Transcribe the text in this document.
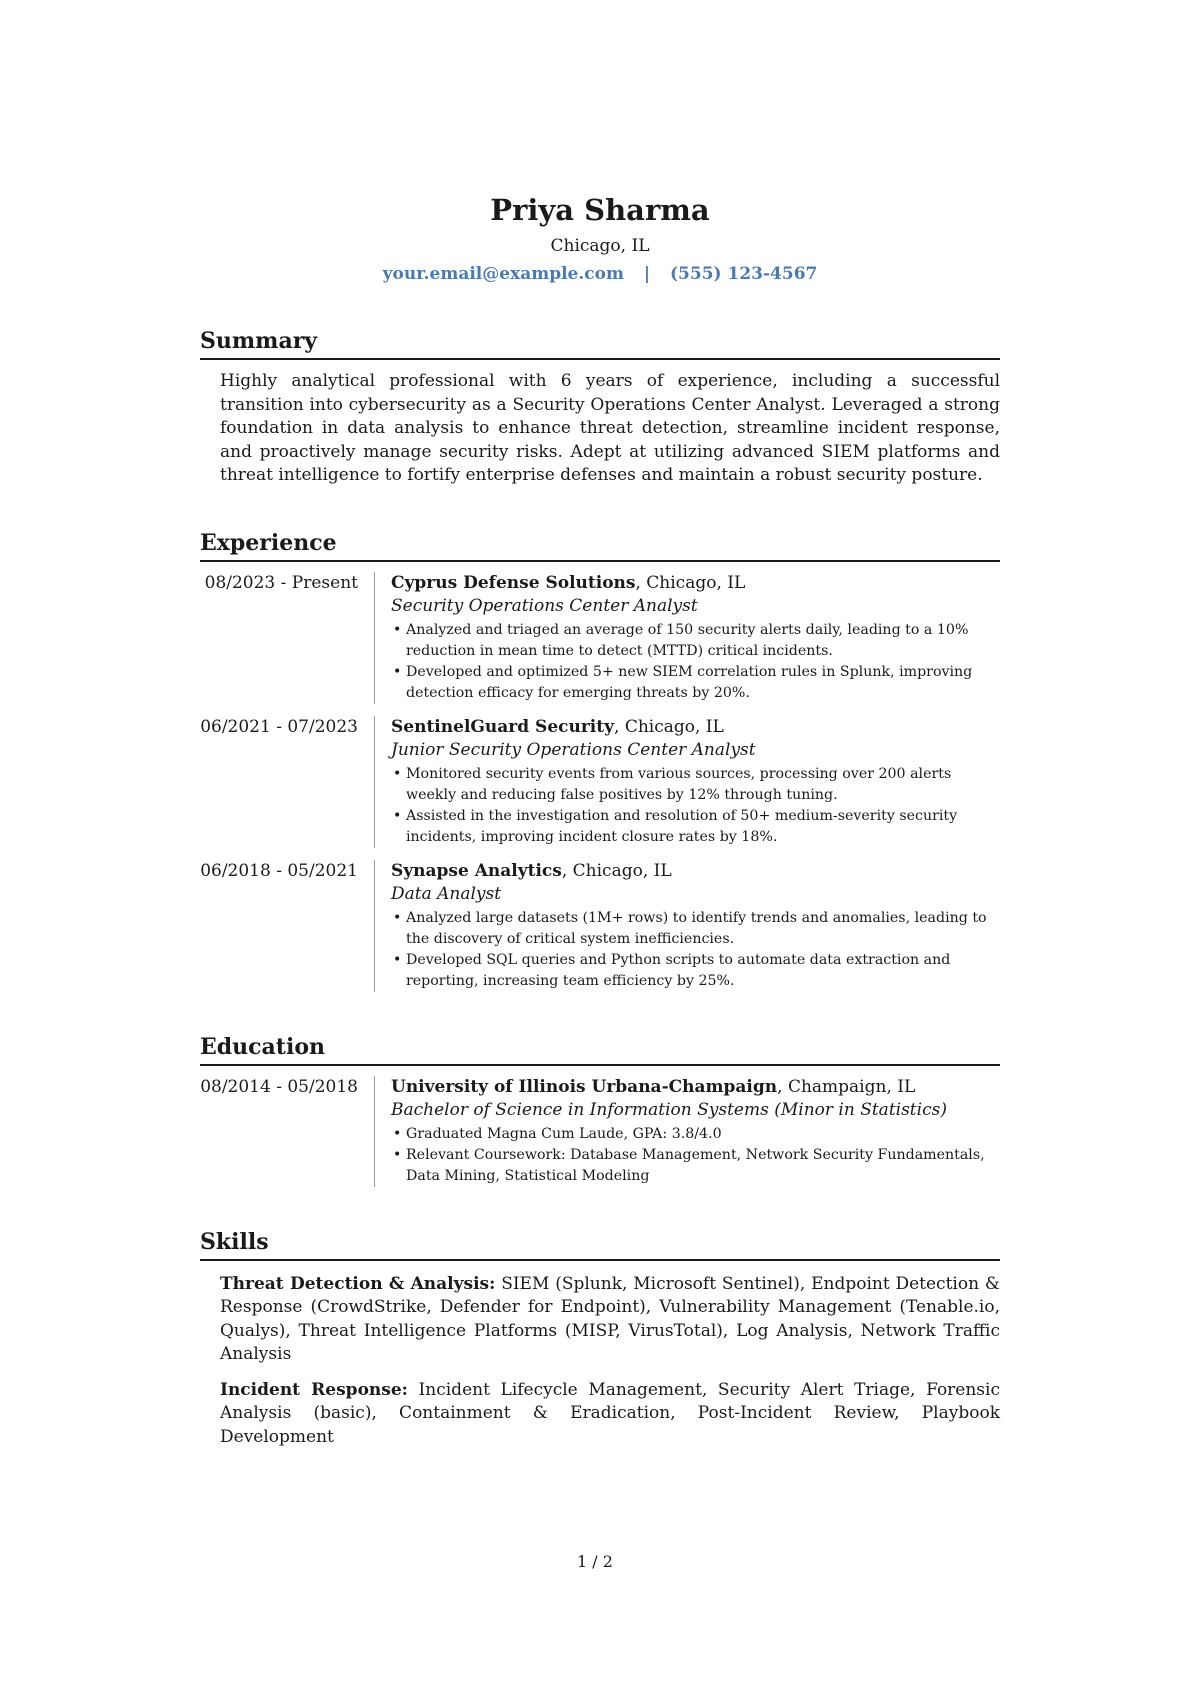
Priya Sharma
Chicago, IL
your.email@example.com | (555) 123-4567
Summary

Highly analytical professional with 6 years of experience, including a successful transition into cybersecurity as a Security Operations Center Analyst. Leveraged a strong foundation in data analysis to enhance threat detection, streamline incident response, and proactively manage security risks. Adept at utilizing advanced SIEM platforms and threat intelligence to fortify enterprise defenses and maintain a robust security posture.

Experience
08/2023 - Present	Cyprus Defense Solutions, Chicago, IL
Security Operations Center Analyst
• Analyzed and triaged an average of 150 security alerts daily, leading to a 10% reduction in mean time to detect (MTTD) critical incidents.
• Developed and optimized 5+ new SIEM correlation rules in Splunk, improving detection efficacy for emerging threats by 20%.
06/2021 - 07/2023	SentinelGuard Security, Chicago, IL
Junior Security Operations Center Analyst
• Monitored security events from various sources, processing over 200 alerts weekly and reducing false positives by 12% through tuning.
• Assisted in the investigation and resolution of 50+ medium-severity security incidents, improving incident closure rates by 18%.
06/2018 - 05/2021	Synapse Analytics, Chicago, IL
Data Analyst
• Analyzed large datasets (1M+ rows) to identify trends and anomalies, leading to the discovery of critical system inefficiencies.
• Developed SQL queries and Python scripts to automate data extraction and reporting, increasing team efficiency by 25%.
Education
08/2014 - 05/2018	University of Illinois Urbana-Champaign, Champaign, IL
Bachelor of Science in Information Systems (Minor in Statistics)
• Graduated Magna Cum Laude, GPA: 3.8/4.0
• Relevant Coursework: Database Management, Network Security Fundamentals, Data Mining, Statistical Modeling
Skills

Threat Detection & Analysis: SIEM (Splunk, Microsoft Sentinel), Endpoint Detection & Response (CrowdStrike, Defender for Endpoint), Vulnerability Management (Tenable.io, Qualys), Threat Intelligence Platforms (MISP, VirusTotal), Log Analysis, Network Traffic Analysis

Incident Response: Incident Lifecycle Management, Security Alert Triage, Forensic Analysis (basic), Containment & Eradication, Post-Incident Review, Playbook Development

1 / 2
